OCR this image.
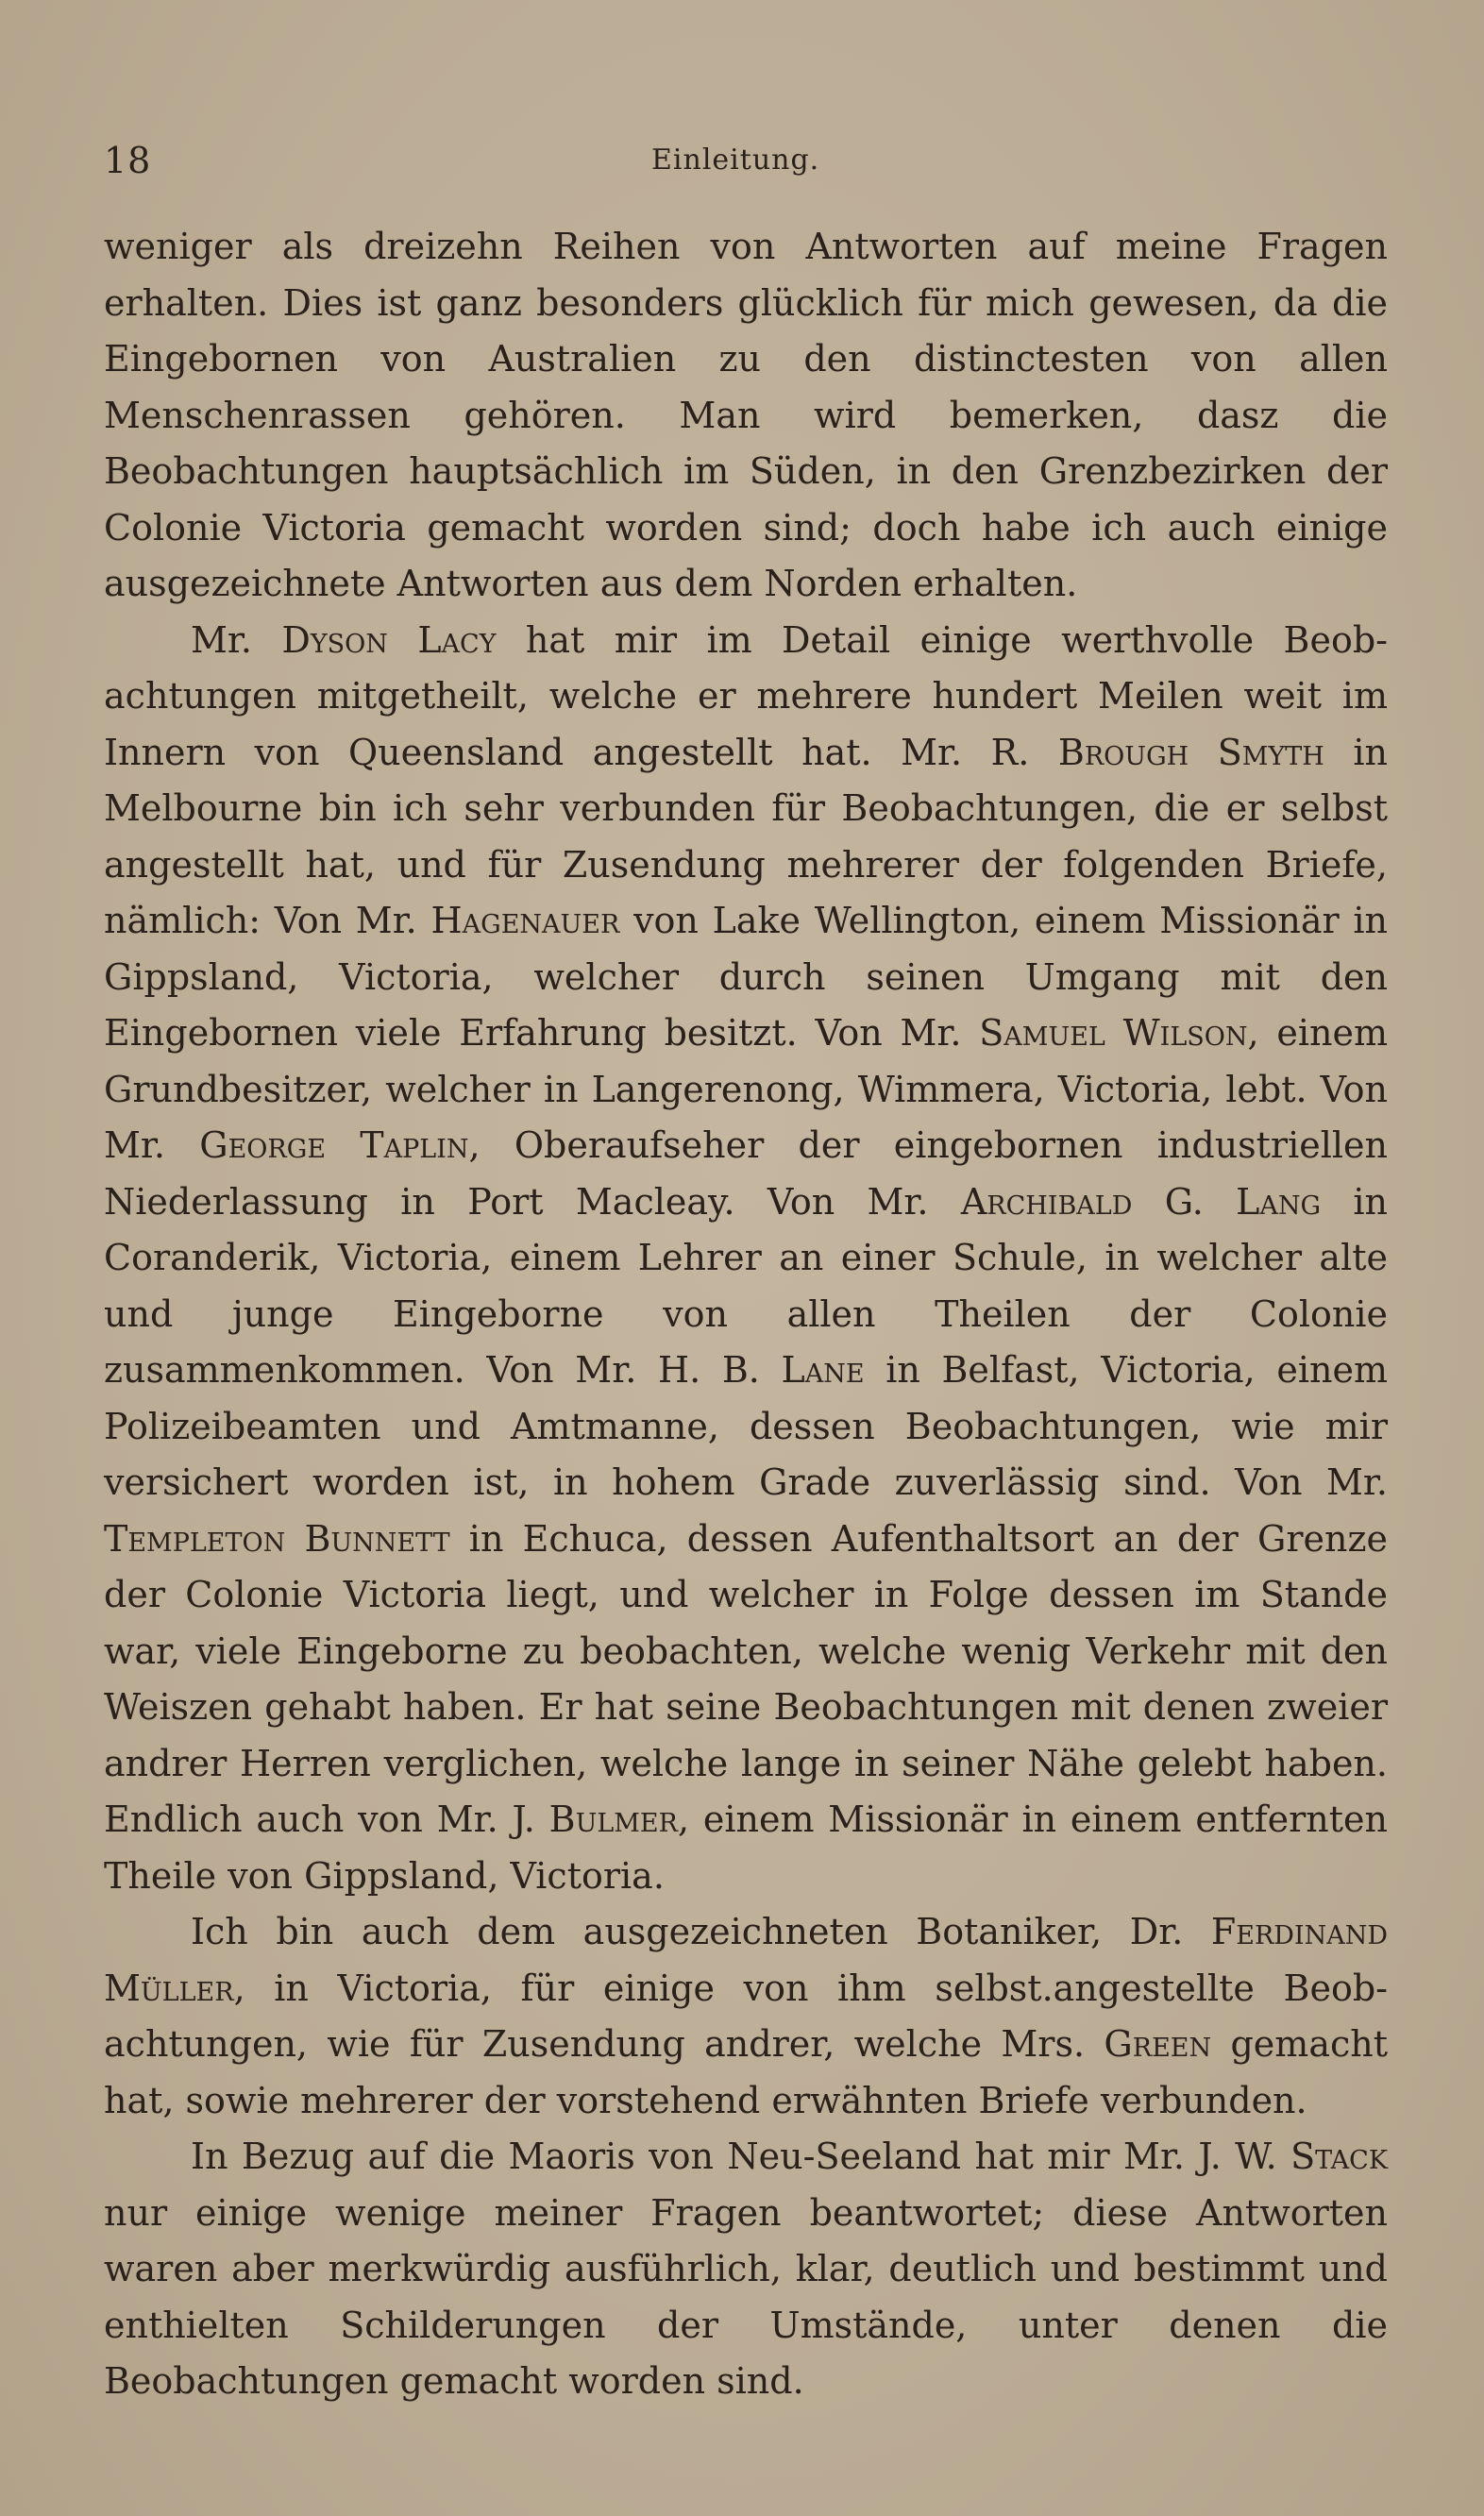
18	Einleitung.

weniger als dreizehn Reihen von Antworten auf meine Fragen erhalten. Dies ist ganz besonders glücklich für mich gewesen, da die Eingebornen von Australien zu den distinctesten von allen Menschenrassen gehören. Man wird bemerken, dasz die Beobachtungen hauptsächlich im Süden, in den Grenzbezirken der Colonie Victoria gemacht worden sind; doch habe ich auch einige ausgezeichnete Antworten aus dem Norden erhalten.

Mr. Dyson Lacy hat mir im Detail einige werthvolle Beobachtungen mitgetheilt, welche er mehrere hundert Meilen weit im Innern von Queensland angestellt hat. Mr. R. Brough Smyth in Melbourne bin ich sehr verbunden für Beobachtungen, die er selbst angestellt hat, und für Zusendung mehrerer der folgenden Briefe, nämlich: Von Mr. Hagenauer von Lake Wellington, einem Missionär in Gippsland, Victoria, welcher durch seinen Umgang mit den Eingebornen viele Erfahrung besitzt. Von Mr. Samuel Wilson, einem Grundbesitzer, welcher in Langerenong, Wimmera, Victoria, lebt. Von Mr. George Taplin, Oberaufseher der eingebornen industriellen Niederlassung in Port Macleay. Von Mr. Archibald G. Lang in Coranderik, Victoria, einem Lehrer an einer Schule, in welcher alte und junge Eingeborne von allen Theilen der Colonie zusammenkommen. Von Mr. H. B. Lane in Belfast, Victoria, einem Polizeibeamten und Amtmanne, dessen Beobachtungen, wie mir versichert worden ist, in hohem Grade zuverlässig sind. Von Mr. Templeton Bunnett in Echuca, dessen Aufenthaltsort an der Grenze der Colonie Victoria liegt, und welcher in Folge dessen im Stande war, viele Eingeborne zu beobachten, welche wenig Verkehr mit den Weiszen gehabt haben. Er hat seine Beobachtungen mit denen zweier andrer Herren verglichen, welche lange in seiner Nähe gelebt haben. Endlich auch von Mr. J. Bulmer, einem Missionär in einem entfernten Theile von Gippsland, Victoria.

Ich bin auch dem ausgezeichneten Botaniker, Dr. Ferdinand Müller, in Victoria, für einige von ihm selbst.angestellte Beobachtungen, wie für Zusendung andrer, welche Mrs. Green gemacht hat, sowie mehrerer der vorstehend erwähnten Briefe verbunden.

In Bezug auf die Maoris von Neu-Seeland hat mir Mr. J. W. Stack nur einige wenige meiner Fragen beantwortet; diese Antworten waren aber merkwürdig ausführlich, klar, deutlich und bestimmt und enthielten Schilderungen der Umstände, unter denen die Beobachtungen gemacht worden sind.
